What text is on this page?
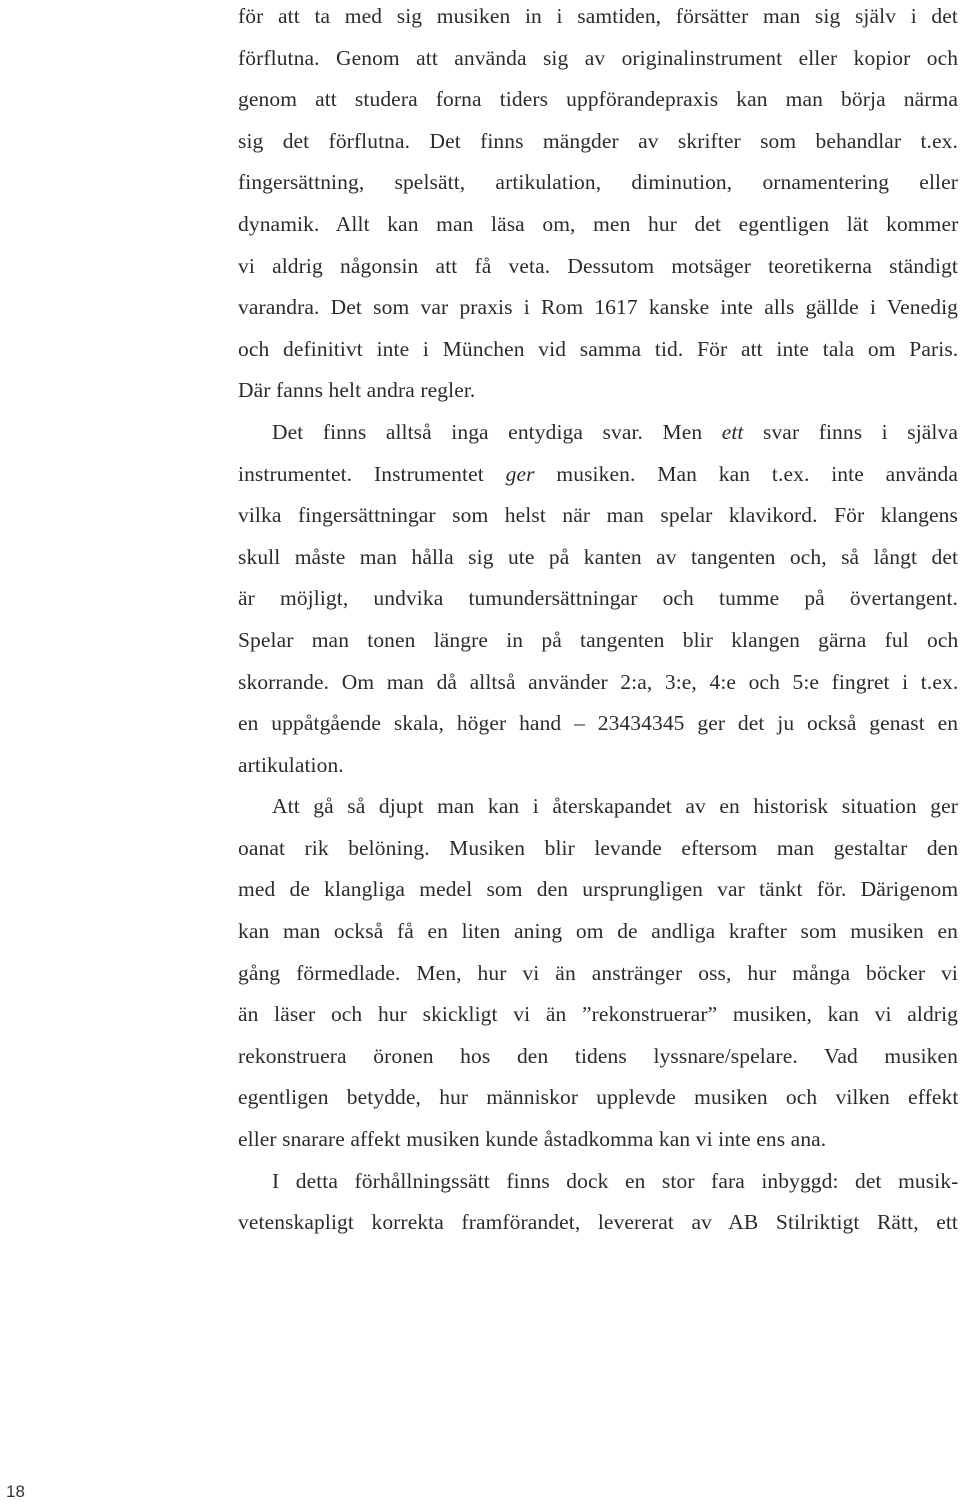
för att ta med sig musiken in i samtiden, försätter man sig själv i det
förflutna. Genom att använda sig av originalinstrument eller kopior och
genom att studera forna tiders uppförandepraxis kan man börja närma
sig det förflutna. Det finns mängder av skrifter som behandlar t.ex.
fingersättning, spelsätt, artikulation, diminution, ornamentering eller
dynamik. Allt kan man läsa om, men hur det egentligen lät kommer
vi aldrig någonsin att få veta. Dessutom motsäger teoretikerna ständigt
varandra. Det som var praxis i Rom 1617 kanske inte alls gällde i Venedig
och definitivt inte i München vid samma tid. För att inte tala om Paris.
Där fanns helt andra regler.
Det finns alltså inga entydiga svar. Men ett svar finns i själva
instrumentet. Instrumentet ger musiken. Man kan t.ex. inte använda
vilka fingersättningar som helst när man spelar klavikord. För klangens
skull måste man hålla sig ute på kanten av tangenten och, så långt det
är möjligt, undvika tumundersättningar och tumme på övertangent.
Spelar man tonen längre in på tangenten blir klangen gärna ful och
skorrande. Om man då alltså använder 2:a, 3:e, 4:e och 5:e fingret i t.ex.
en uppåtgående skala, höger hand – 23434345 ger det ju också genast en
artikulation.
Att gå så djupt man kan i återskapandet av en historisk situation ger
oanat rik belöning. Musiken blir levande eftersom man gestaltar den
med de klangliga medel som den ursprungligen var tänkt för. Därigenom
kan man också få en liten aning om de andliga krafter som musiken en
gång förmedlade. Men, hur vi än anstränger oss, hur många böcker vi
än läser och hur skickligt vi än ”rekonstruerar” musiken, kan vi aldrig
rekonstruera öronen hos den tidens lyssnare/spelare. Vad musiken
egentligen betydde, hur människor upplevde musiken och vilken effekt
eller snarare affekt musiken kunde åstadkomma kan vi inte ens ana.
I detta förhållningssätt finns dock en stor fara inbyggd: det musik-
vetenskapligt korrekta framförandet, levererat av AB Stilriktigt Rätt, ett
18
